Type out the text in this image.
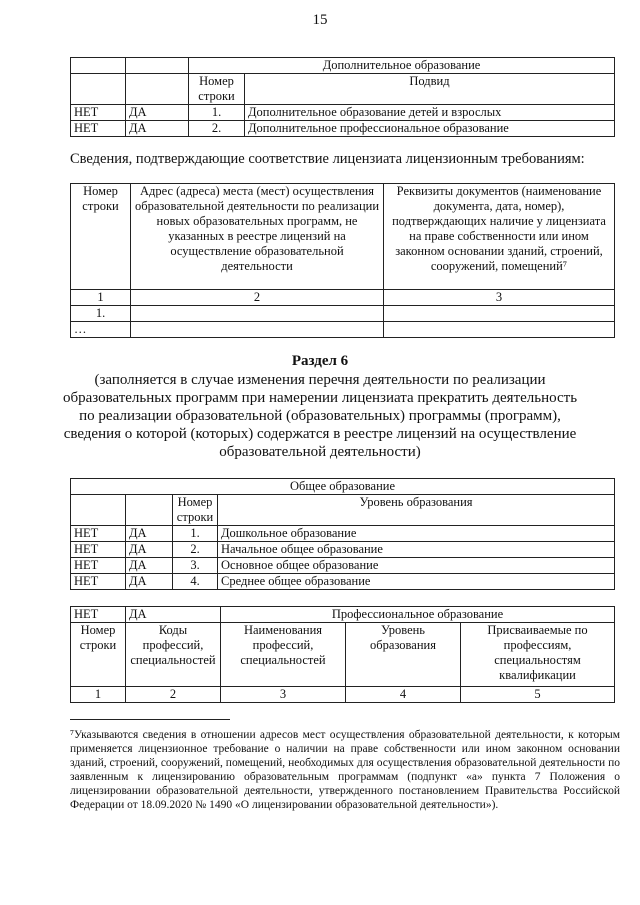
15
		Дополнительное образование	
		Номер строки	Подвид
НЕТ	ДА	1.	Дополнительное образование детей и взрослых
НЕТ	ДА	2.	Дополнительное профессиональное образование
Сведения, подтверждающие соответствие лицензиата лицензионным требованиям:
Номер строки	Адрес (адреса) места (мест) осуществления образовательной деятельности по реализации новых образовательных программ, не указанных в реестре лицензий на осуществление образовательной деятельности	Реквизиты документов (наименование документа, дата, номер), подтверждающих наличие у лицензиата на праве собственности или ином законном основании зданий, строений, сооружений, помещений⁷
1	2	3
1.		
…		
Раздел 6
(заполняется в случае изменения перечня деятельности по реализации образовательных программ при намерении лицензиата прекратить деятельность по реализации образовательной (образовательных) программы (программ), сведения о которой (которых) содержатся в реестре лицензий на осуществление образовательной деятельности)
Общее образование			
		Номер строки	Уровень образования
НЕТ	ДА	1.	Дошкольное образование
НЕТ	ДА	2.	Начальное общее образование
НЕТ	ДА	3.	Основное общее образование
НЕТ	ДА	4.	Среднее общее образование
НЕТ	ДА	Профессиональное образование		
Номер строки	Коды профессий, специальностей	Наименования профессий, специальностей	Уровень образования	Присваиваемые по профессиям, специальностям квалификации
1	2	3	4	5
⁷Указываются сведения в отношении адресов мест осуществления образовательной деятельности, к которым применяется лицензионное требование о наличии на праве собственности или ином законном основании зданий, строений, сооружений, помещений, необходимых для осуществления образовательной деятельности по заявленным к лицензированию образовательным программам (подпункт «а» пункта 7 Положения о лицензировании образовательной деятельности, утвержденного постановлением Правительства Российской Федерации от 18.09.2020 № 1490 «О лицензировании образовательной деятельности»).
